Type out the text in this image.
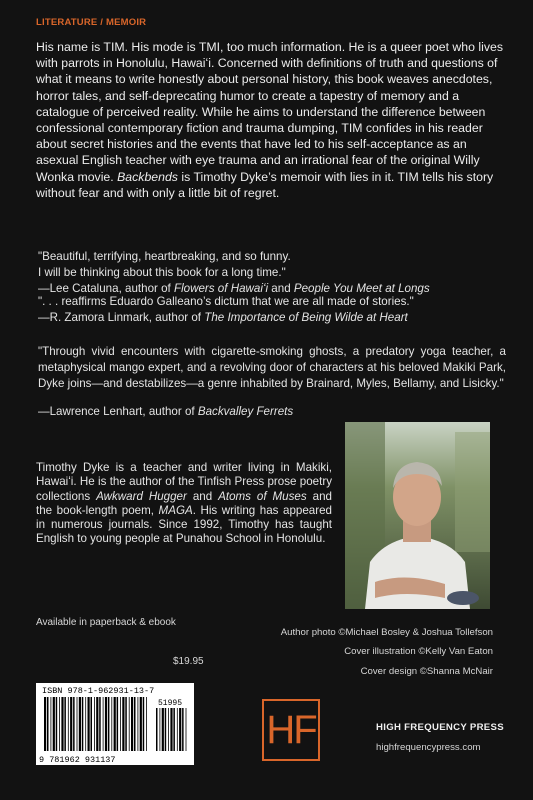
LITERATURE / MEMOIR

His name is TIM. His mode is TMI, too much information. He is a queer poet who lives with parrots in Honolulu, Hawaiʻi. Concerned with definitions of truth and questions of what it means to write honestly about personal history, this book weaves anecdotes, horror tales, and self-deprecating humor to create a tapestry of memory and a catalogue of perceived reality. While he aims to understand the difference between confessional contemporary fiction and trauma dumping, TIM confides in his reader about secret histories and the events that have led to his self-acceptance as an asexual English teacher with eye trauma and an irrational fear of the original Willy Wonka movie. Backbends is Timothy Dyke’s memoir with lies in it. TIM tells his story without fear and with only a little bit of regret.

"Beautiful, terrifying, heartbreaking, and so funny.
I will be thinking about this book for a long time."
—Lee Cataluna, author of Flowers of Hawaiʻi and People You Meet at Longs

". . . reaffirms Eduardo Galleano’s dictum that we are all made of stories."
—R. Zamora Linmark, author of The Importance of Being Wilde at Heart

"Through vivid encounters with cigarette-smoking ghosts, a predatory yoga teacher, a metaphysical mango expert, and a revolving door of characters at his beloved Makiki Park, Dyke joins—and destabilizes—a genre inhabited by Brainard, Myles, Bellamy, and Lisicky."
—Lawrence Lenhart, author of Backvalley Ferrets

Timothy Dyke is a teacher and writer living in Makiki, Hawaiʻi. He is the author of the Tinfish Press prose poetry collections Awkward Hugger and Atoms of Muses and the book-length poem, MAGA. His writing has appeared in numerous journals. Since 1992, Timothy has taught English to young people at Punahou School in Honolulu.

Available in paperback & ebook
$19.95
Author photo ©Michael Bosley & Joshua Tollefson
Cover illustration ©Kelly Van Eaton
Cover design ©Shanna McNair
ISBN 978-1-962931-13-7
51995
9 781962 931137
HF	HIGH FREQUENCY PRESS
highfrequencypress.com
